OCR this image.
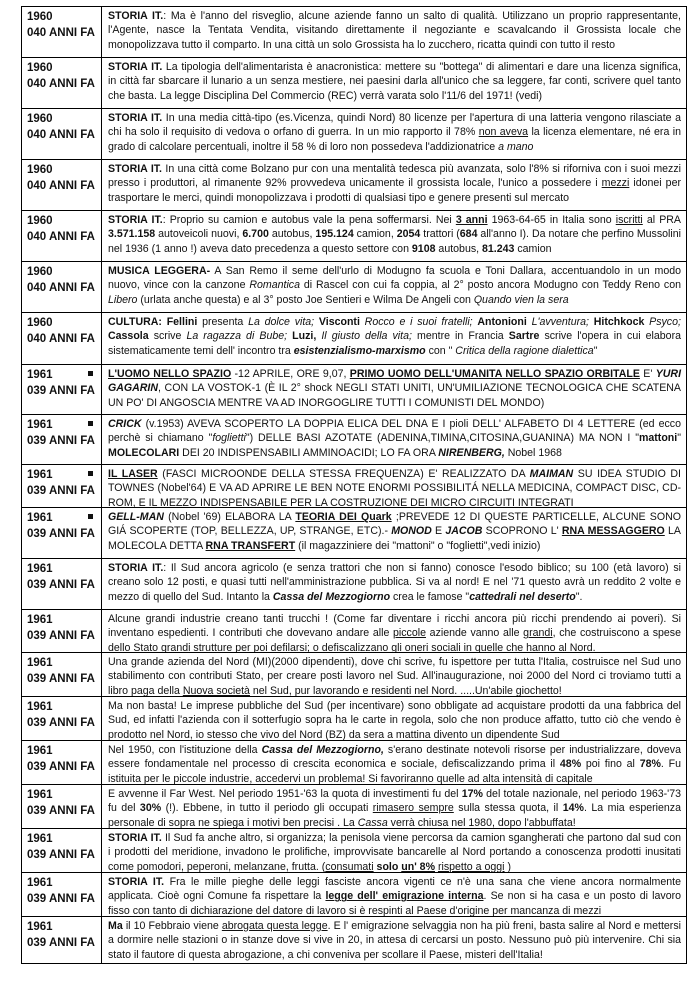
1960
040 ANNI FA
STORIA IT.: Ma è l'anno del risveglio, alcune aziende fanno un salto di qualità. Utilizzano un proprio rappresentante, l'Agente, nasce la Tentata Vendita, visitando direttamente il negoziante e scavalcando il Grossista locale che monopolizzava tutto il comparto. In una città un solo Grossista ha lo zucchero, ricatta quindi con tutto il resto
1960
040 ANNI FA
STORIA IT. La tipologia dell'alimentarista è anacronistica: mettere su "bottega" di alimentari e dare una licenza significa, in città far sbarcare il lunario a un senza mestiere, nei paesini darla all'unico che sa leggere, far conti, scrivere quel tanto che basta. La legge Disciplina Del Commercio (REC) verrà varata solo l'11/6 del 1971! (vedi)
1960
040 ANNI FA
STORIA IT. In una media città-tipo (es.Vicenza, quindi Nord) 80 licenze per l'apertura di una latteria vengono rilasciate a chi ha solo il requisito di vedova o orfano di guerra. In un mio rapporto il 78% non aveva la licenza elementare, né era in grado di calcolare percentuali, inoltre il 58 % di loro non possedeva l'addizionatrice a mano
1960
040 ANNI FA
STORIA IT. In una città come Bolzano pur con una mentalità tedesca più avanzata, solo l'8% si riforniva con i suoi mezzi presso i produttori, al rimanente 92% provvedeva unicamente il grossista locale, l'unico a possedere i mezzi idonei per trasportare le merci, quindi monopolizzava i prodotti di qualsiasi tipo e genere presenti sul mercato
1960
040 ANNI FA
STORIA IT.: Proprio su camion e autobus vale la pena soffermarsi. Nei 3 anni 1963-64-65 in Italia sono iscritti al PRA 3.571.158 autoveicoli nuovi, 6.700 autobus, 195.124 camion, 2054 trattori (684 all'anno I). Da notare che perfino Mussolini nel 1936 (1 anno !) aveva dato precedenza a questo settore con 9108 autobus, 81.243 camion
1960
040 ANNI FA
MUSICA LEGGERA- A San Remo il seme dell'urlo di Modugno fa scuola e Toni Dallara, accentuandolo in un modo nuovo, vince con la canzone Romantica di Rascel con cui fa coppia, al 2° posto ancora Modugno con Teddy Reno con Libero (urlata anche questa) e al 3° posto Joe Sentieri e Wilma De Angeli con Quando vien la sera
1960
040 ANNI FA
CULTURA: Fellini presenta La dolce vita; Visconti Rocco e i suoi fratelli; Antonioni L'avventura; Hitchkock Psyco; Cassola scrive La ragazza di Bube; Luzi, Il giusto della vita; mentre in Francia Sartre scrive l'opera in cui elabora sistematicamente temi dell' incontro tra esistenzialismo-marxismo con " Critica della ragione dialettica"
1961
039 ANNI FA
L'UOMO NELLO SPAZIO -12 APRILE, ORE 9,07, PRIMO UOMO DELL'UMANITA NELLO SPAZIO ORBITALE E' YURI GAGARIN, CON LA VOSTOK-1 (È IL 2° shock NEGLI STATI UNITI, UN'UMILIAZIONE TECNOLOGICA CHE SCATENA UN PO' DI ANGOSCIA MENTRE VA AD INORGOGLIRE TUTTI I COMUNISTI DEL MONDO)
1961
039 ANNI FA
CRICK (v.1953) AVEVA SCOPERTO LA DOPPIA ELICA DEL DNA E I pioli DELL' ALFABETO DI 4 LETTERE (ed ecco perchè si chiamano "foglietti") DELLE BASI AZOTATE (ADENINA,TIMINA,CITOSINA,GUANINA) MA NON I "mattoni" MOLECOLARI DEI 20 INDISPENSABILI AMMINOACIDI; LO FA ORA NIRENBERG, Nobel 1968
1961
039 ANNI FA
IL LASER (FASCI MICROONDE DELLA STESSA FREQUENZA) E' REALIZZATO DA MAIMAN SU IDEA STUDIO DI TOWNES (Nobel'64) E VA AD APRIRE LE BEN NOTE ENORMI POSSIBILITÁ NELLA MEDICINA, COMPACT DISC, CD-ROM, E IL MEZZO INDISPENSABILE PER LA COSTRUZIONE DEI MICRO CIRCUITI INTEGRATI
1961
039 ANNI FA
GELL-MAN (Nobel '69) ELABORA LA TEORIA DEI Quark ;PREVEDE 12 DI QUESTE PARTICELLE, ALCUNE SONO GIÁ SCOPERTE (TOP, BELLEZZA, UP, STRANGE, ETC).- MONOD E JACOB SCOPRONO L' RNA MESSAGGERO LA MOLECOLA DETTA RNA TRANSFERT (il magazziniere dei "mattoni" o "foglietti",vedi inizio)
1961
039 ANNI FA
STORIA IT.: Il Sud ancora agricolo (e senza trattori che non si fanno) conosce l'esodo biblico; su 100 (età lavoro) si creano solo 12 posti, e quasi tutti nell'amministrazione pubblica. Si va al nord! E nel '71 questo avrà un reddito 2 volte e mezzo di quello del Sud. Intanto la Cassa del Mezzogiorno crea le famose "cattedrali nel deserto".
1961
039 ANNI FA
Alcune grandi industrie creano tanti trucchi ! (Come far diventare i ricchi ancora più ricchi prendendo ai poveri). Si inventano espedienti. I contributi che dovevano andare alle piccole aziende vanno alle grandi, che costruiscono a spese dello Stato grandi strutture per poi defilarsi; o defiscalizzano gli oneri sociali in quelle che hanno al Nord.
1961
039 ANNI FA
Una grande azienda del Nord (MI)(2000 dipendenti), dove chi scrive, fu ispettore per tutta l'Italia, costruisce nel Sud uno stabilimento con contributi Stato, per creare posti lavoro nel Sud. All'inaugurazione, noi 2000 del Nord ci troviamo tutti a libro paga della Nuova società nel Sud, pur lavorando e residenti nel Nord. .....Un'abile giochetto!
1961
039 ANNI FA
Ma non basta! Le imprese pubbliche del Sud (per incentivare) sono obbligate ad acquistare prodotti da una fabbrica del Sud, ed infatti l'azienda con il sotterfugio sopra ha le carte in regola, solo che non produce affatto, tutto ciò che vendo è prodotto nel Nord, io stesso che vivo del Nord (BZ) da sera a mattina divento un dipendente Sud
1961
039 ANNI FA
Nel 1950, con l'istituzione della Cassa del Mezzogiorno, s'erano destinate notevoli risorse per industrializzare, doveva essere fondamentale nel processo di crescita economica e sociale, defiscalizzando prima il 48% poi fino al 78%. Fu istituita per le piccole industrie, accedervi un problema! Si favoriranno quelle ad alta intensità di capitale
1961
039 ANNI FA
E avvenne il Far West. Nel periodo 1951-'63 la quota di investimenti fu del 17% del totale nazionale, nel periodo 1963-'73 fu del 30% (!). Ebbene, in tutto il periodo gli occupati rimasero sempre sulla stessa quota, il 14%. La mia esperienza personale di sopra ne spiega i motivi ben precisi . La Cassa verrà chiusa nel 1980, dopo l'abbuffata!
1961
039 ANNI FA
STORIA IT. Il Sud fa anche altro, si organizza; la penisola viene percorsa da camion sgangherati che partono dal sud con i prodotti del meridione, invadono le prolifiche, improvvisate bancarelle al Nord portando a conoscenza prodotti inusitati come pomodori, peperoni, melanzane, frutta. (consumati solo un' 8% rispetto a oggi )
1961
039 ANNI FA
STORIA IT. Fra le mille pieghe delle leggi fasciste ancora vigenti ce n'è una sana che viene ancora normalmente applicata. Cioè ogni Comune fa rispettare la legge dell' emigrazione interna. Se non si ha casa e un posto di lavoro fisso con tanto di dichiarazione del datore di lavoro si è respinti al Paese d'origine per mancanza di mezzi
1961
039 ANNI FA
Ma il 10 Febbraio viene abrogata questa legge. E l' emigrazione selvaggia non ha più freni, basta salire al Nord e mettersi a dormire nelle stazioni o in stanze dove si vive in 20, in attesa di cercarsi un posto. Nessuno può più intervenire. Chi sia stato il fautore di questa abrogazione, a chi conveniva per scollare il Paese, misteri dell'Italia!
